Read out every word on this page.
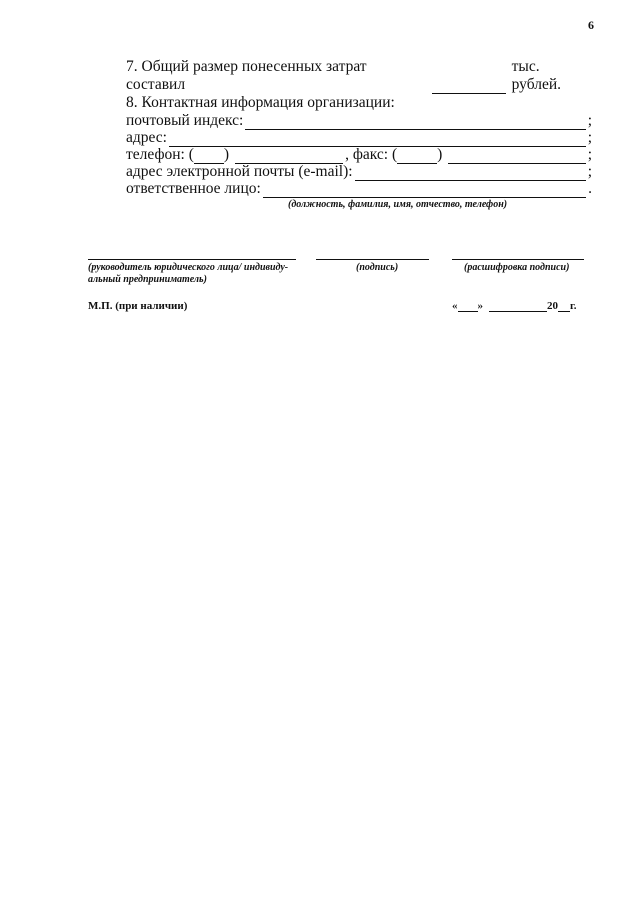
6
7. Общий размер понесенных затрат составил
тыс. рублей.
8. Контактная информация организации:
почтовый индекс:	;
адрес:	;
телефон: ( )	, факс: (	)	;
адрес электронной почты (e-mail):	;
ответственное лицо:	.
(должность, фамилия, имя, отчество, телефон)
(руководитель юридического лица/ индивиду-
альный предприниматель)
(подпись)	(расшифровка подписи)
М.П. (при наличии)	« »	20 г.
